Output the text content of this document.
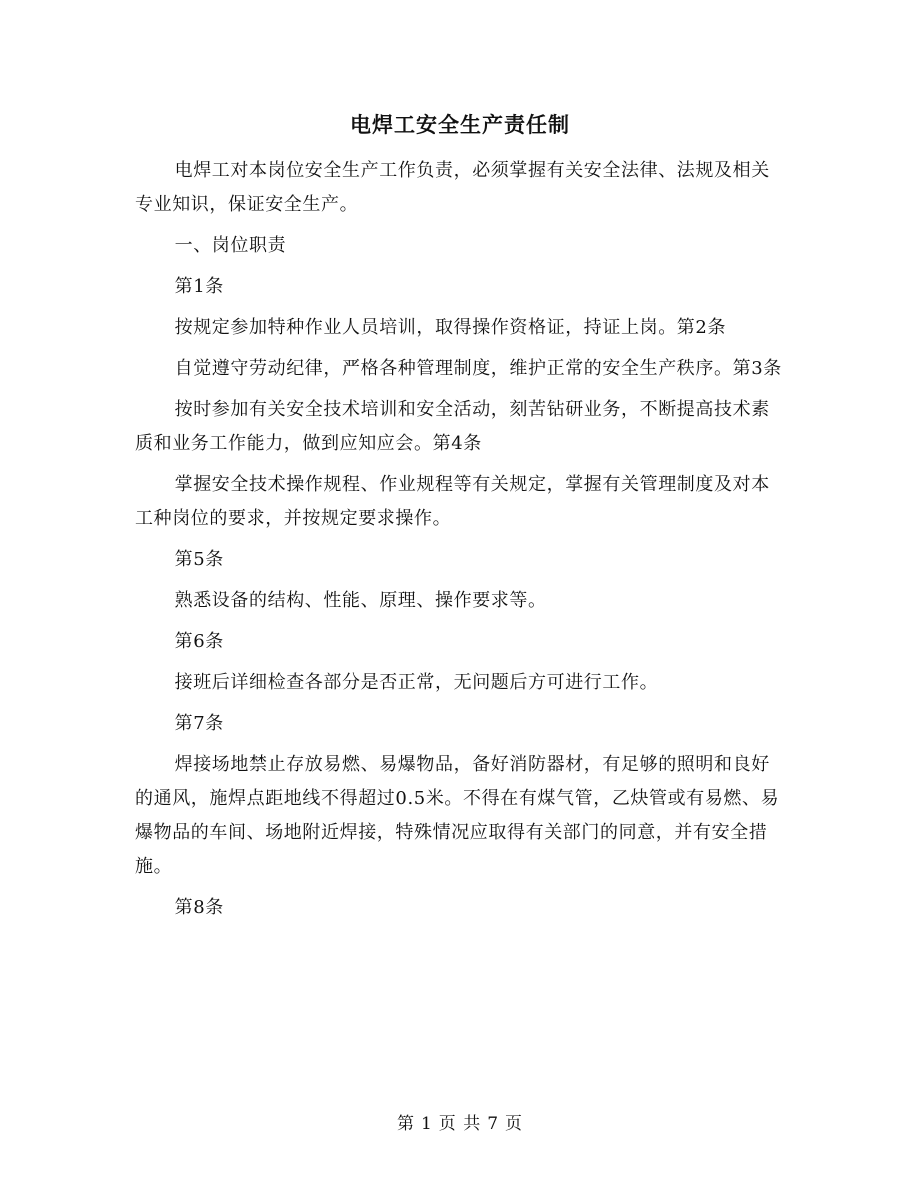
电焊工安全生产责任制

电焊工对本岗位安全生产工作负责，必须掌握有关安全法律、法规及相关专业知识，保证安全生产。

一、岗位职责

第1条

按规定参加特种作业人员培训，取得操作资格证，持证上岗。第2条

自觉遵守劳动纪律，严格各种管理制度，维护正常的安全生产秩序。第3条

按时参加有关安全技术培训和安全活动，刻苦钻研业务，不断提高技术素质和业务工作能力，做到应知应会。第4条

掌握安全技术操作规程、作业规程等有关规定，掌握有关管理制度及对本工种岗位的要求，并按规定要求操作。

第5条

熟悉设备的结构、性能、原理、操作要求等。

第6条

接班后详细检查各部分是否正常，无问题后方可进行工作。

第7条

焊接场地禁止存放易燃、易爆物品，备好消防器材，有足够的照明和良好的通风，施焊点距地线不得超过0.5米。不得在有煤气管，乙炔管或有易燃、易爆物品的车间、场地附近焊接，特殊情况应取得有关部门的同意，并有安全措施。

第8条

第 1 页 共 7 页
